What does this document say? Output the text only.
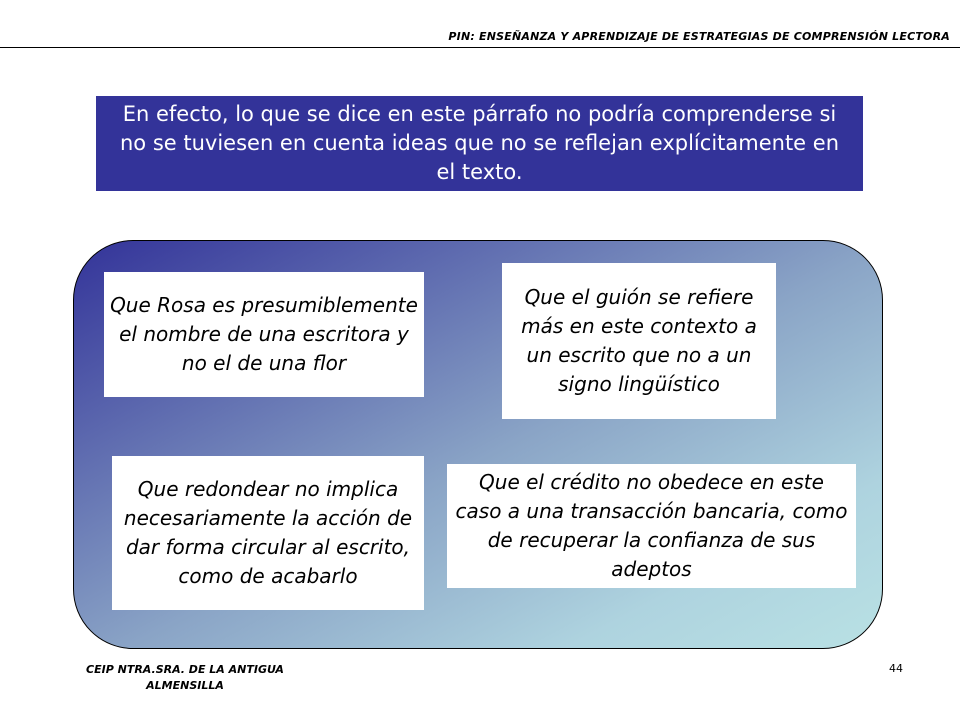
PIN: ENSEÑANZA Y APRENDIZAJE DE ESTRATEGIAS DE COMPRENSIÓN LECTORA
En efecto, lo que se dice en este párrafo no podría comprenderse si no se tuviesen en cuenta ideas que no se reflejan explícitamente en el texto.
Que Rosa es presumiblemente el nombre de una escritora y no el de una flor
Que el guión se refiere más en este contexto a un escrito que no a un signo lingüístico
Que redondear no implica necesariamente la acción de dar forma circular al escrito, como de acabarlo
Que el crédito no obedece en este caso a una transacción bancaria, como de recuperar la confianza de sus adeptos
CEIP NTRA.SRA. DE LA ANTIGUA ALMENSILLA
44
